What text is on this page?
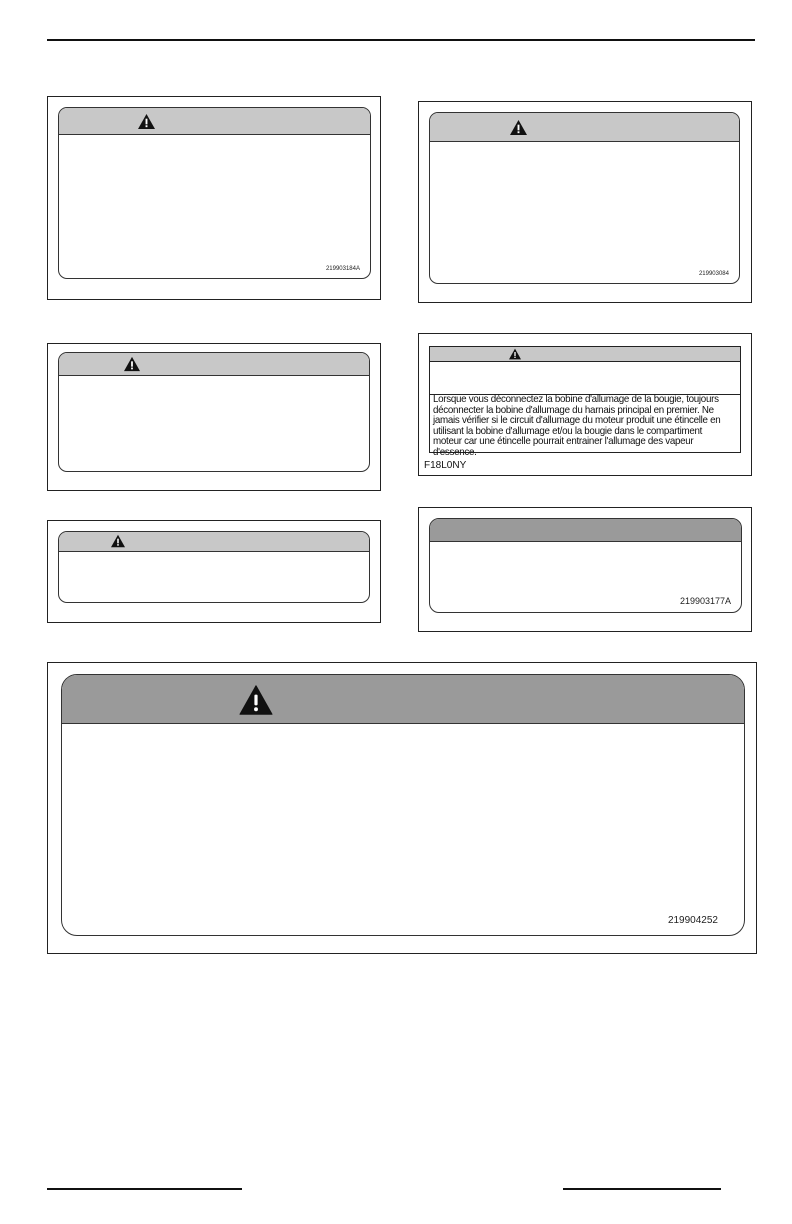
219903184A
219903084
Lorsque vous déconnectez la bobine d'allumage de la bougie, toujours déconnecter la bobine d'allumage du harnais principal en premier. Ne jamais vérifier si le circuit d'allumage du moteur produit une étincelle en utilisant la bobine d'allumage et/ou la bougie dans le compartiment moteur car une étincelle pourrait entrainer l'allumage des vapeur d'essence.
F18L0NY
219903177A
219904252
